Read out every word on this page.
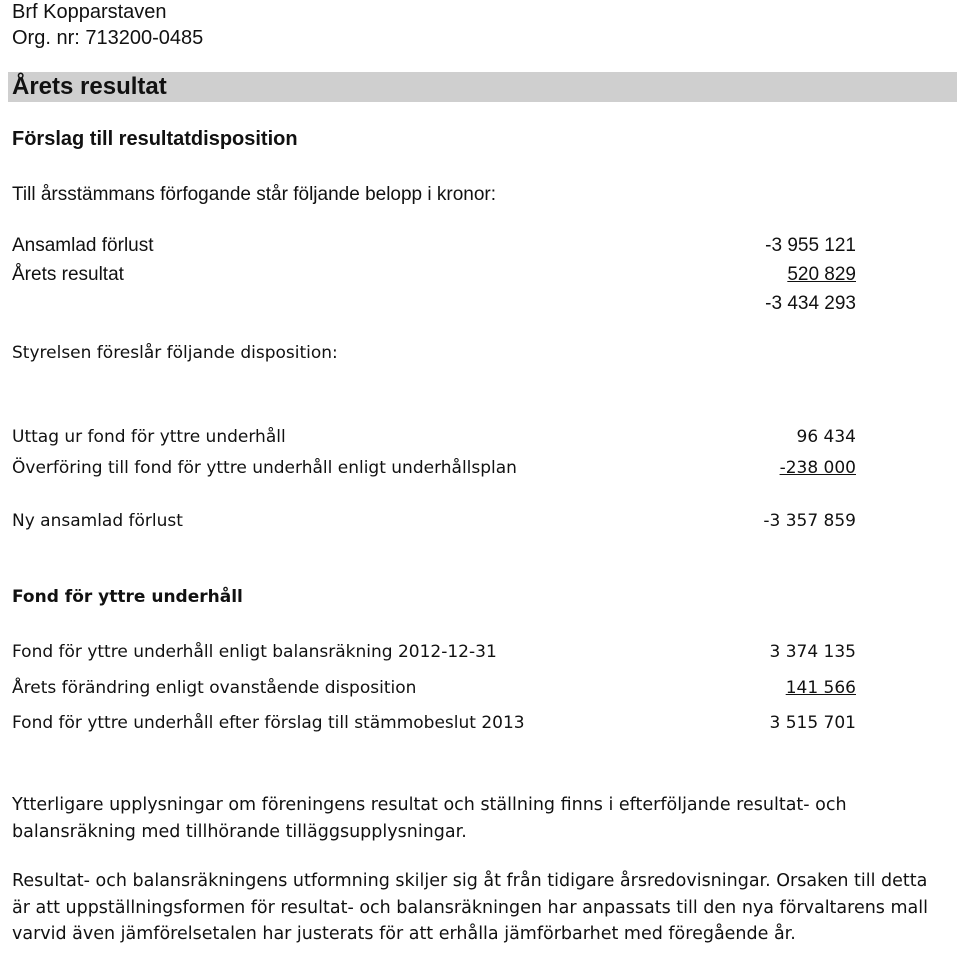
Brf Kopparstaven
Org. nr: 713200-0485
Årets resultat
Förslag till resultatdisposition
Till årsstämmans förfogande står följande belopp i kronor:
Ansamlad förlust	-3 955 121
Årets resultat	520 829
-3 434 293
Styrelsen föreslår följande disposition:
Uttag ur fond för yttre underhåll	96 434
Överföring till fond för yttre underhåll enligt underhållsplan	-238 000
Ny ansamlad förlust	-3 357 859
Fond för yttre underhåll
Fond för yttre underhåll enligt balansräkning 2012-12-31	3 374 135
Årets förändring enligt ovanstående disposition	141 566
Fond för yttre underhåll efter förslag till stämmobeslut 2013	3 515 701
Ytterligare upplysningar om föreningens resultat och ställning finns i efterföljande resultat- och balansräkning med tillhörande tilläggsupplysningar.
Resultat- och balansräkningens utformning skiljer sig åt från tidigare årsredovisningar. Orsaken till detta är att uppställningsformen för resultat- och balansräkningen har anpassats till den nya förvaltarens mall varvid även jämförelsetalen har justerats för att erhålla jämförbarhet med föregående år.
